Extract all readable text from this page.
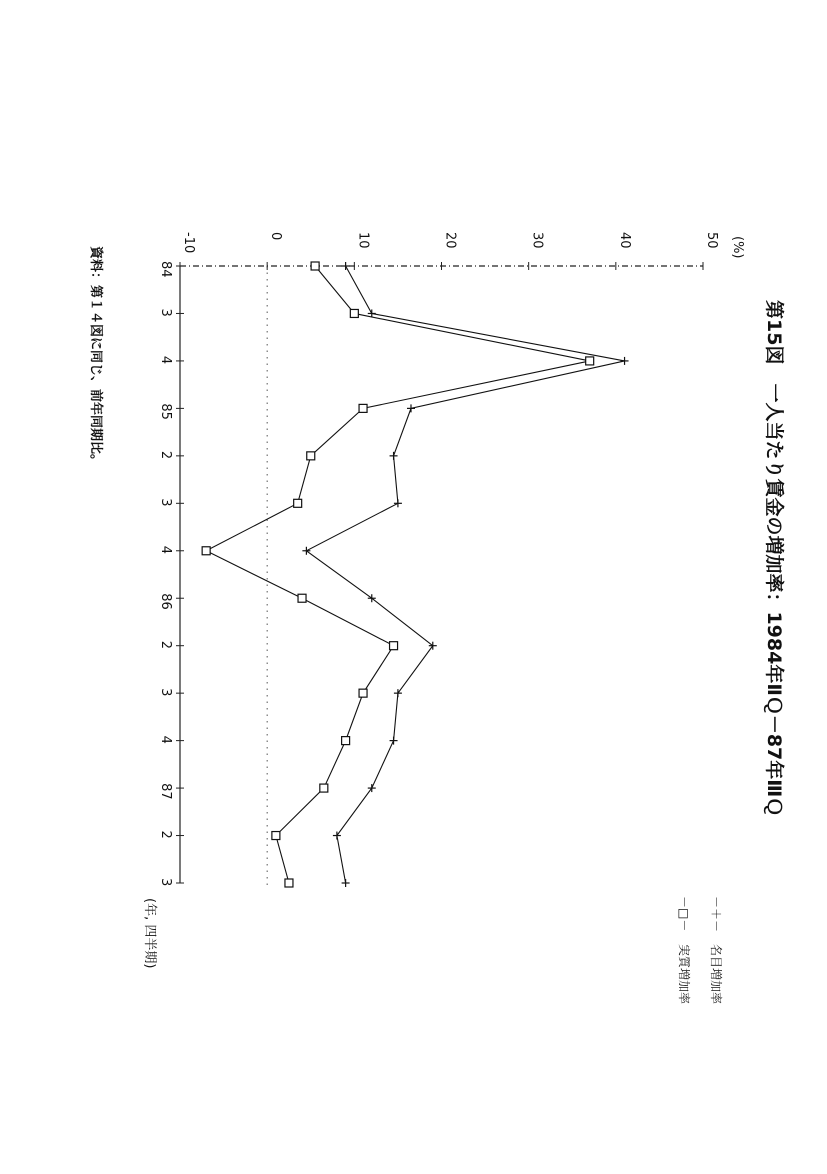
第15図　一人当たり賃金の増加率：1984年ⅡＱ－87年ⅢＱ
(%)
(年, 四半期)
資料：第１４図に同じ、前年同期比。
－＋－
名目増加率
－□－
実質増加率
-10	0	10	20	30	40	50
84
3
4
85
2
3
4
86
2
3
4
87
2
3
